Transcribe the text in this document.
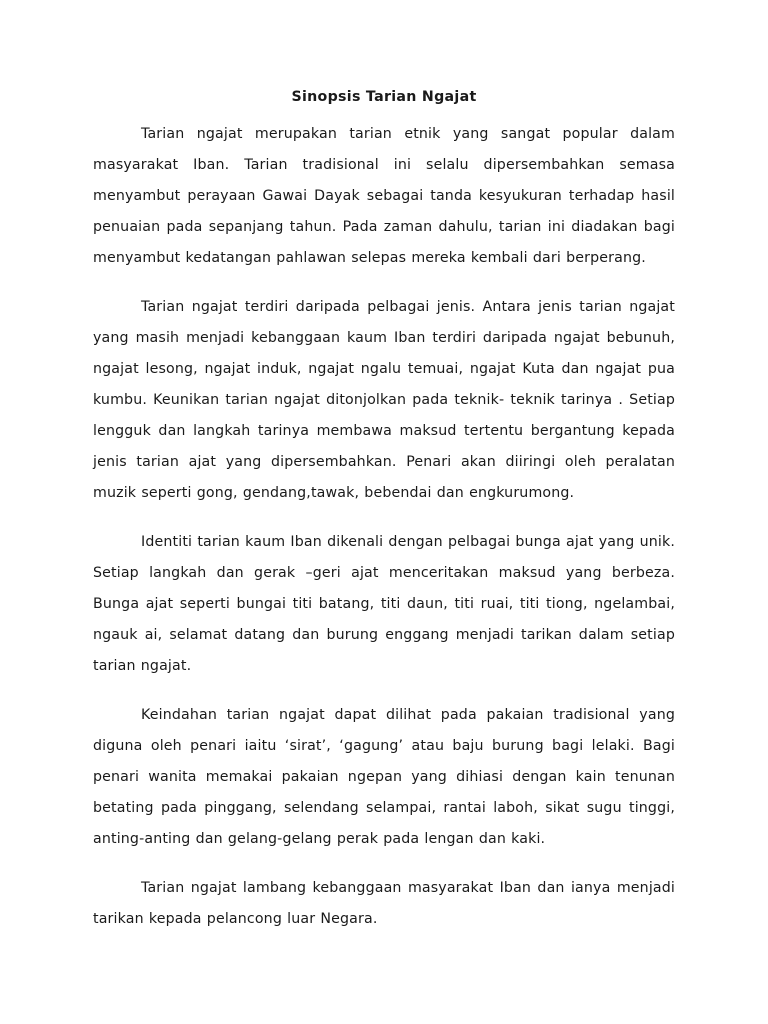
Sinopsis Tarian Ngajat

Tarian ngajat merupakan tarian etnik yang sangat popular dalam masyarakat Iban. Tarian tradisional ini selalu dipersembahkan semasa menyambut perayaan Gawai Dayak sebagai tanda kesyukuran terhadap hasil penuaian pada sepanjang tahun. Pada zaman dahulu, tarian ini diadakan bagi menyambut kedatangan pahlawan selepas mereka kembali dari berperang.

Tarian ngajat terdiri daripada pelbagai jenis. Antara jenis tarian ngajat yang masih menjadi kebanggaan kaum Iban terdiri daripada ngajat bebunuh, ngajat lesong, ngajat induk, ngajat ngalu temuai, ngajat Kuta dan ngajat pua kumbu. Keunikan tarian ngajat ditonjolkan pada teknik- teknik tarinya . Setiap lengguk dan langkah tarinya membawa maksud tertentu bergantung kepada jenis tarian ajat yang dipersembahkan. Penari akan diiringi oleh peralatan muzik seperti gong, gendang,tawak, bebendai dan engkurumong.

Identiti tarian kaum Iban dikenali dengan pelbagai bunga ajat yang unik. Setiap langkah dan gerak –geri ajat menceritakan maksud yang berbeza. Bunga ajat seperti bungai titi batang, titi daun, titi ruai, titi tiong, ngelambai, ngauk ai, selamat datang dan burung enggang menjadi tarikan dalam setiap tarian ngajat.

Keindahan tarian ngajat dapat dilihat pada pakaian tradisional yang diguna oleh penari iaitu ‘sirat’, ‘gagung’ atau baju burung bagi lelaki. Bagi penari wanita memakai pakaian ngepan yang dihiasi dengan kain tenunan betating pada pinggang, selendang selampai, rantai laboh, sikat sugu tinggi, anting-anting dan gelang-gelang perak pada lengan dan kaki.

Tarian ngajat lambang kebanggaan masyarakat Iban dan ianya menjadi tarikan kepada pelancong luar Negara.
